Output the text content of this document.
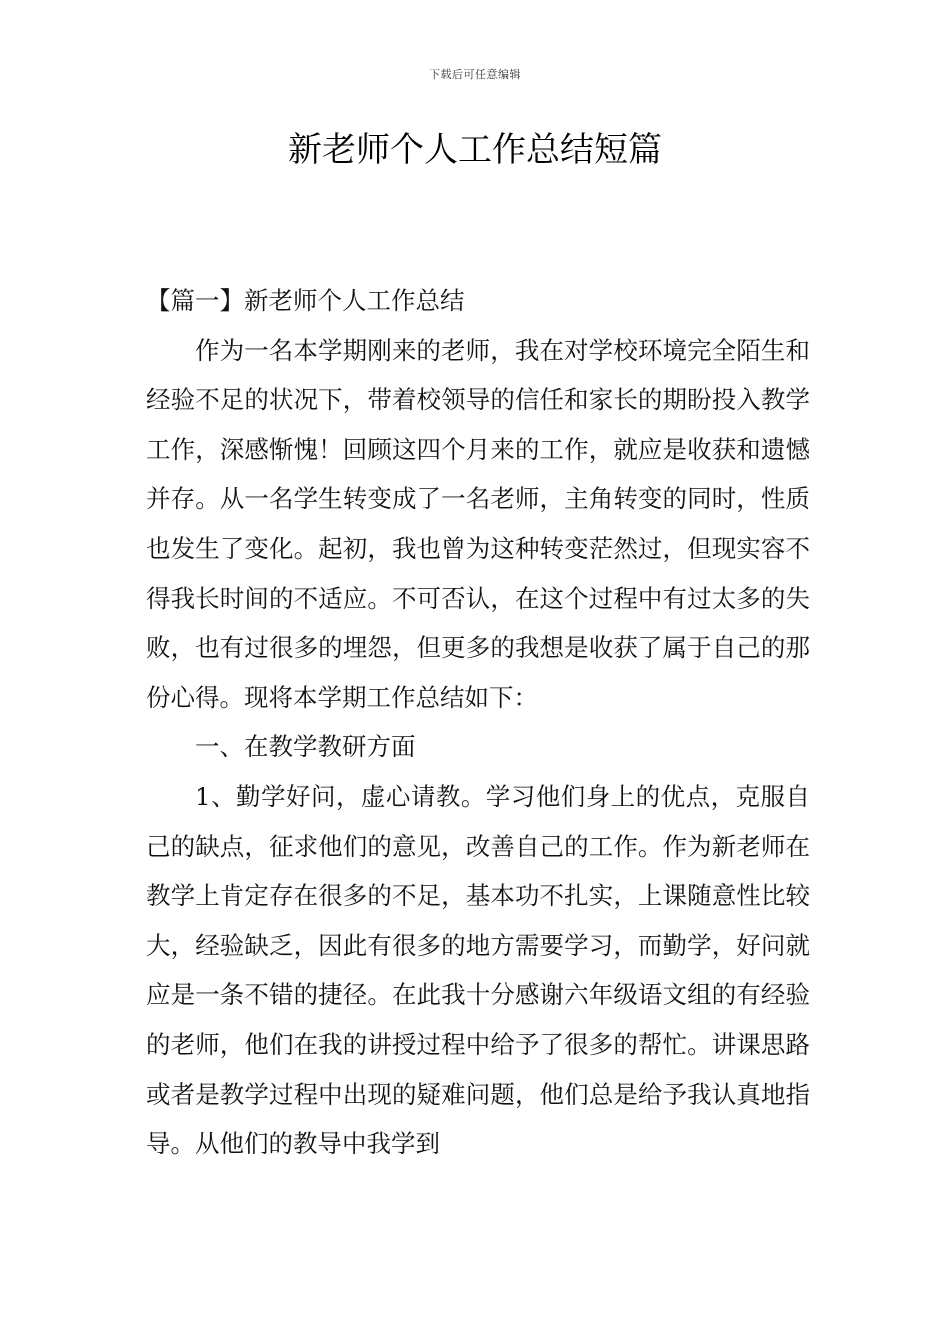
下载后可任意编辑
新老师个人工作总结短篇

【篇一】新老师个人工作总结

作为一名本学期刚来的老师，我在对学校环境完全陌生和经验不足的状况下，带着校领导的信任和家长的期盼投入教学工作，深感惭愧！回顾这四个月来的工作，就应是收获和遗憾并存。从一名学生转变成了一名老师，主角转变的同时，性质也发生了变化。起初，我也曾为这种转变茫然过，但现实容不得我长时间的不适应。不可否认，在这个过程中有过太多的失败，也有过很多的埋怨，但更多的我想是收获了属于自己的那份心得。现将本学期工作总结如下：

一、在教学教研方面

1、勤学好问，虚心请教。学习他们身上的优点，克服自己的缺点，征求他们的意见，改善自己的工作。作为新老师在教学上肯定存在很多的不足，基本功不扎实，上课随意性比较大，经验缺乏，因此有很多的地方需要学习，而勤学，好问就应是一条不错的捷径。在此我十分感谢六年级语文组的有经验的老师，他们在我的讲授过程中给予了很多的帮忙。讲课思路或者是教学过程中出现的疑难问题，他们总是给予我认真地指导。从他们的教导中我学到
